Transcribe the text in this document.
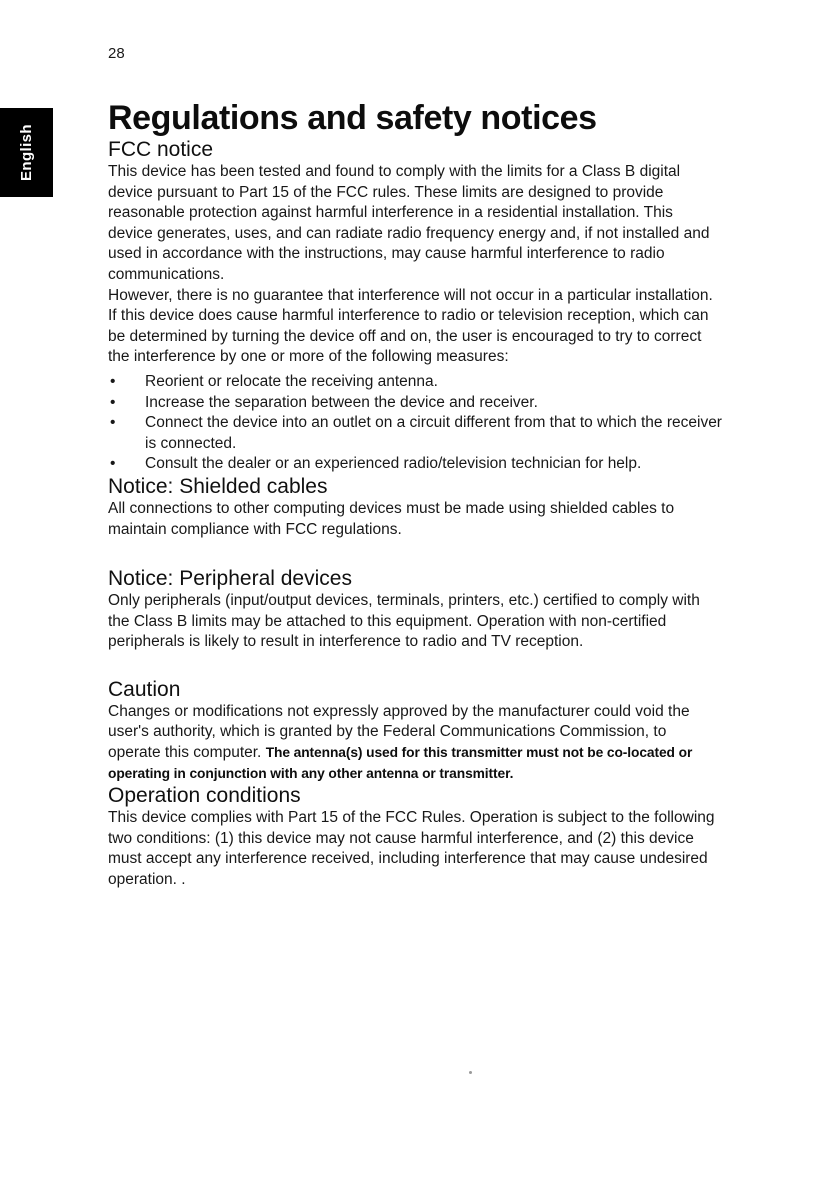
English

28

Regulations and safety notices
FCC notice

This device has been tested and found to comply with the limits for a Class B digital device pursuant to Part 15 of the FCC rules. These limits are designed to provide reasonable protection against harmful interference in a residential installation. This device generates, uses, and can radiate radio frequency energy and, if not installed and used in accordance with the instructions, may cause harmful interference to radio communications.

However, there is no guarantee that interference will not occur in a particular installation. If this device does cause harmful interference to radio or television reception, which can be determined by turning the device off and on, the user is encouraged to try to correct the interference by one or more of the following measures:

• Reorient or relocate the receiving antenna.
• Increase the separation between the device and receiver.
• Connect the device into an outlet on a circuit different from that to which the receiver is connected.
• Consult the dealer or an experienced radio/television technician for help.
Notice: Shielded cables

All connections to other computing devices must be made using shielded cables to maintain compliance with FCC regulations.

Notice: Peripheral devices

Only peripherals (input/output devices, terminals, printers, etc.) certified to comply with the Class B limits may be attached to this equipment. Operation with non-certified peripherals is likely to result in interference to radio and TV reception.

Caution

Changes or modifications not expressly approved by the manufacturer could void the user's authority, which is granted by the Federal Communications Commission, to operate this computer. The antenna(s) used for this transmitter must not be co-located or operating in conjunction with any other antenna or transmitter.

Operation conditions

This device complies with Part 15 of the FCC Rules. Operation is subject to the following two conditions: (1) this device may not cause harmful interference, and (2) this device must accept any interference received, including interference that may cause undesired operation. .
